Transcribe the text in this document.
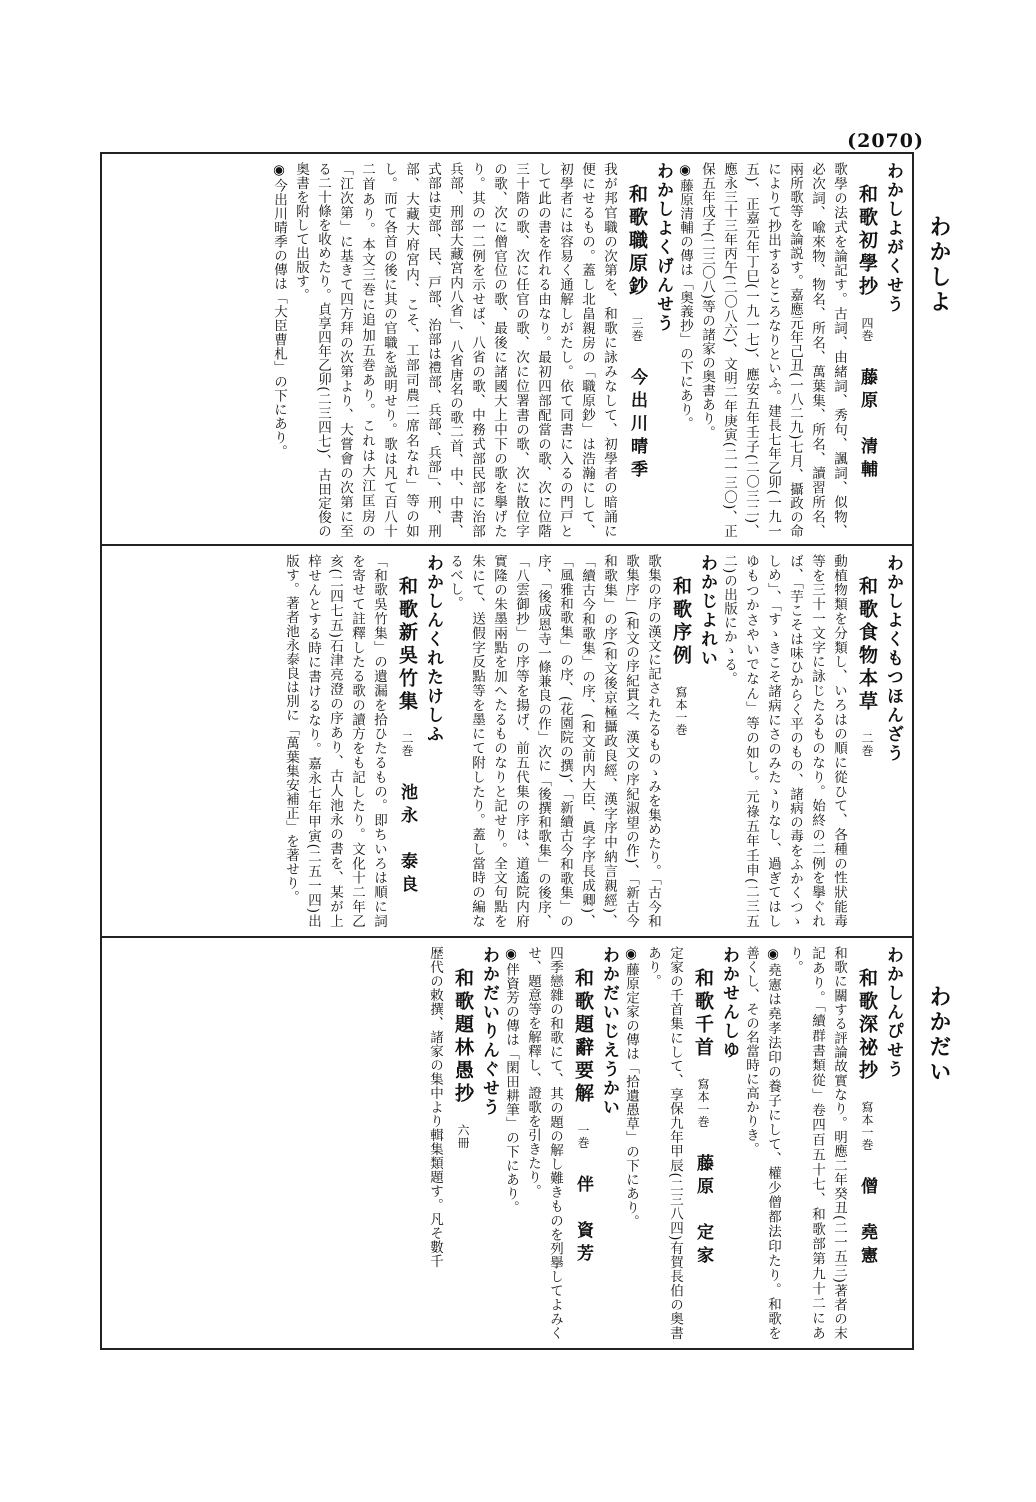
(2070)
わかしよ
わかだい
わかしよがくせう
和歌初學抄四巻藤原　清輔
歌學の法式を論記す。古詞、由緒詞、秀句、諷詞、似物、必次詞、喩來物、物名、所名、萬葉集、所名、讀習所名、兩所歌等を論説す。嘉應元年己丑(一八二九)七月、攝政の命によりて抄出するところなりといふ。建長七年乙卯(一九一五)、正嘉元年丁巳(一九一七)、應安五年壬子(二〇三二)、應永三十三年丙午(二〇八六)、文明二年庚寅(二一三〇)、正保五年戊子(二三〇八)等の諸家の奥書あり。
◉藤原清輔の傳は「奥義抄」の下にあり。
わかしよくげんせう
和歌職原鈔三巻今出川晴季
我が邦官職の次第を、和歌に詠みなして、初學者の暗誦に便にせるもの。蓋し北畠親房の「職原鈔」は浩瀚にして、初學者には容易く通解しがたし。依て同書に入るの門戸として此の書を作れる由なり。最初四部配當の歌、次に位階三十階の歌、次に任官の歌、次に位署書の歌、次に散位字の歌、次に僧官位の歌、最後に諸國大上中下の歌を擧げたり。其の一二例を示せば、八省の歌、中務式部民部に治部兵部、刑部大藏宮内八省」、八省唐名の歌二首、中、中書、式部は吏部、民、戸部、治部は禮部、兵部、兵部」、刑、刑部、大藏大府宮内、こそ、工部司農二席名なれ」等の如し。而て各首の後に其の官職を説明せり。歌は凡て百八十二首あり。本文三巻に追加五巻あり。これは大江匡房の「江次第」に基きて四方拜の次第より、大嘗會の次第に至る二十條を收めたり。貞享四年乙卯(二三四七)、古田定俊の奥書を附して出版す。
◉今出川晴季の傳は「大臣曹札」の下にあり。
わかしよくもつほんざう
和歌食物本草二巻
動植物類を分類し、いろはの順に從ひて、各種の性狀能毒等を三十一文字に詠じたるものなり。始終の二例を擧ぐれば、「芋こそは味ひからく平のもの、諸病の毒をふかくつゝしめ」、「すゝきこそ諸病にさのみたゝりなし、過ぎてはしゆもつかさやいでなん」等の如し。元祿五年壬申(二三五二)の出版にかゝる。
わかじよれい
和歌序例寫本一巻
歌集の序の漢文に記されたるものゝみを集めたり。「古今和歌集序」(和文の序紀貫之、漢文の序紀淑望の作)、「新古今和歌集」の序(和文後京極攝政良經、漢字序中納言親經)、「續古今和歌集」の序、(和文前内大臣、眞字序長成卿)、「風雅和歌集」の序、(花園院の撰)、「新續古今和歌集」の序、「後成恩寺一條兼良の作」次に「後撰和歌集」の後序、「八雲御抄」の序等を揚げ、前五代集の序は、道遙院内府實隆の朱墨兩點を加へたるものなりと記せり。全文句點を朱にて、送假字反點等を墨にて附したり。蓋し當時の編なるべし。
わかしんくれたけしふ
和歌新吳竹集二巻池永　泰良
「和歌吳竹集」の遺漏を拾ひたるもの。即ちいろは順に詞を寄せて註釋したる歌の讀方をも記したり。文化十二年乙亥(二四七五)石津亮澄の序あり、古人池永の書を、某が上梓せんとする時に書けるなり。嘉永七年甲寅(二五一四)出版す。著者池永泰良は別に「萬葉集安補正」を著せり。
わかしんぴせう
和歌深祕抄寫本一巻僧　堯憲
和歌に關する評論故實なり。明應二年癸丑(二一五三)著者の末記あり。「續群書類從」卷四百五十七、和歌部第九十二にあり。
◉堯憲は堯孝法印の養子にして、權少僧都法印たり。和歌を善くし、その名當時に高かりき。
わかせんしゆ
和歌千首寫本一巻藤原　定家
定家の千首集にして、享保九年甲辰(二三八四)有賀長伯の奥書あり。
◉藤原定家の傳は「拾遺愚草」の下にあり。
わかだいじえうかい
和歌題辭要解一巻伴　資芳
四季戀雜の和歌にて、其の題の解し難きものを列擧してよみくせ、題意等を解釋し、證歌を引きたり。
◉伴資芳の傳は「閑田耕筆」の下にあり。
わかだいりんぐせう
和歌題林愚抄六冊
歴代の敕撰、諸家の集中より輯集類題す。凡そ數千
